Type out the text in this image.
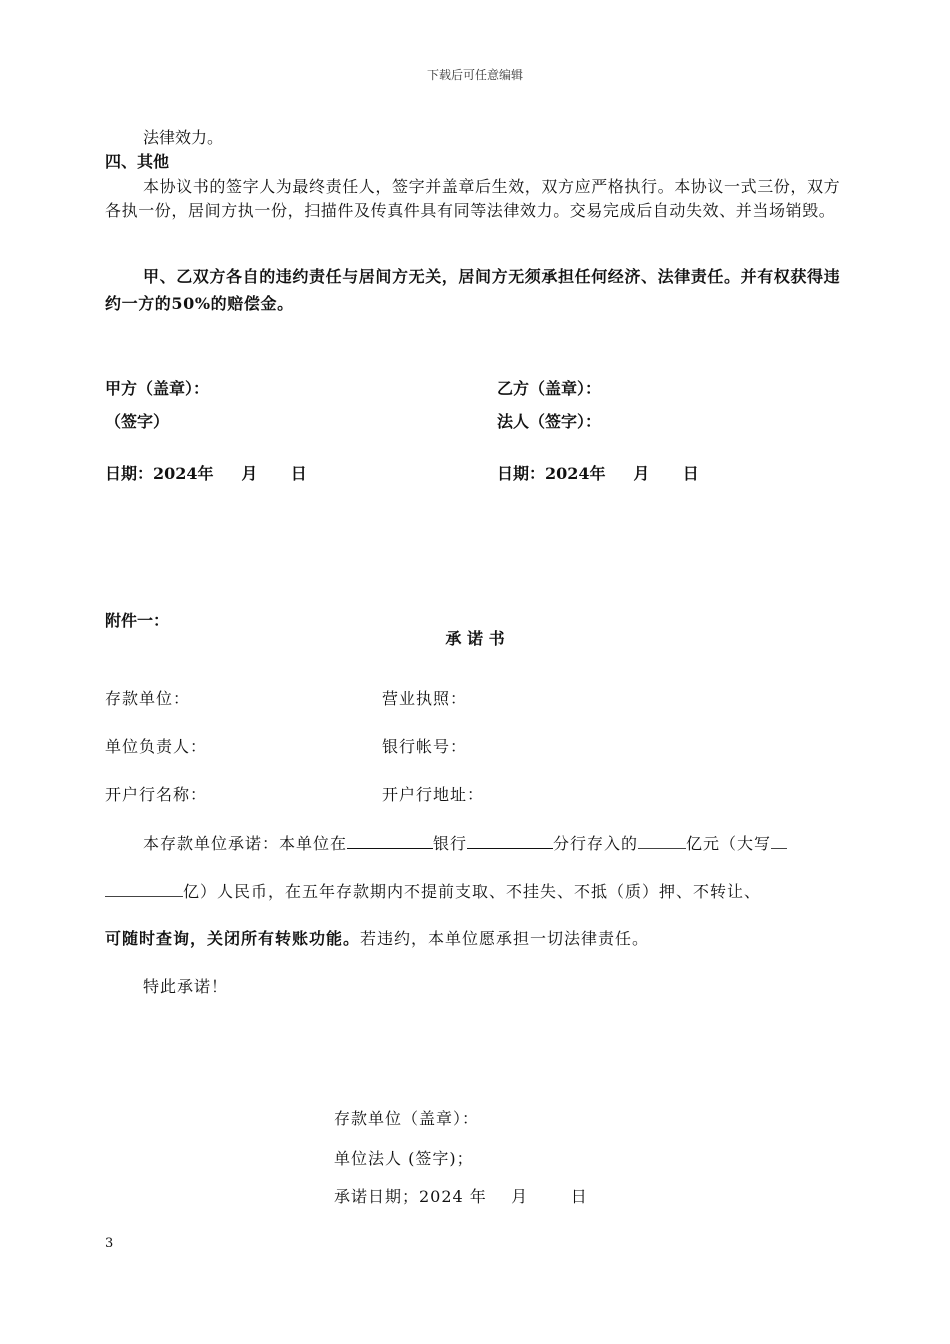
下载后可任意编辑
法律效力。
四、其他
本协议书的签字人为最终责任人，签字并盖章后生效，双方应严格执行。本协议一式三份，双方各执一份，居间方执一份，扫描件及传真件具有同等法律效力。交易完成后自动失效、并当场销毁。
甲、乙双方各自的违约责任与居间方无关，居间方无须承担任何经济、法律责任。并有权获得违约一方的50%的赔偿金。
甲方（盖章）：	乙方（盖章）：
（签字）	法人（签字）：
日期：2024年     月      日	日期：2024年     月      日
附件一：
承 诺 书
存款单位：	营业执照：
单位负责人：	银行帐号：
开户行名称：	开户行地址：
本存款单位承诺：本单位在	银行	分行存入的	亿元（大写
亿）人民币，在五年存款期内不提前支取、不挂失、不抵（质）押、不转让、
可随时查询，关闭所有转账功能。若违约，本单位愿承担一切法律责任。
特此承诺！
存款单位（盖章）：
单位法人 (签字)；
承诺日期；2024 年    月       日
3
